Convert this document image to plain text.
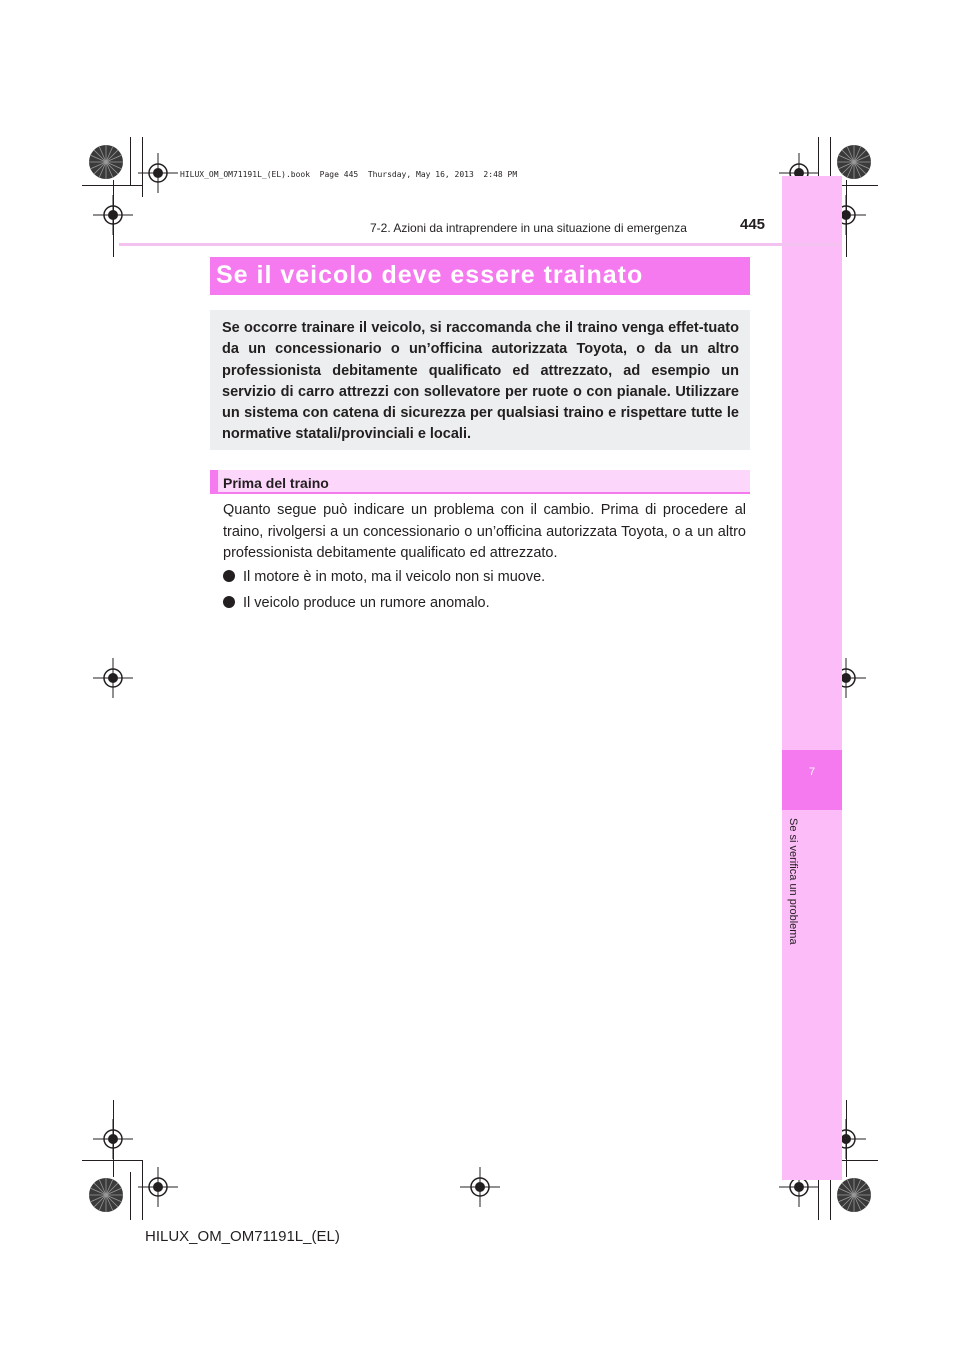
7
Se si verifica un problema
HILUX_OM_OM71191L_(EL).book  Page 445  Thursday, May 16, 2013  2:48 PM
7-2. Azioni da intraprendere in una situazione di emergenza	445
Se il veicolo deve essere trainato
Se occorre trainare il veicolo, si raccomanda che il traino venga effet-tuato da un concessionario o un’officina autorizzata Toyota, o da un altro professionista debitamente qualificato ed attrezzato, ad esempio un servizio di carro attrezzi con sollevatore per ruote o con pianale. Utilizzare un sistema con catena di sicurezza per qualsiasi traino e rispettare tutte le normative statali/provinciali e locali.
Prima del traino
Quanto segue può indicare un problema con il cambio. Prima di procedere al traino, rivolgersi a un concessionario o un’officina autorizzata Toyota, o a un altro professionista debitamente qualificato ed attrezzato.
Il motore è in moto, ma il veicolo non si muove.
Il veicolo produce un rumore anomalo.
HILUX_OM_OM71191L_(EL)
